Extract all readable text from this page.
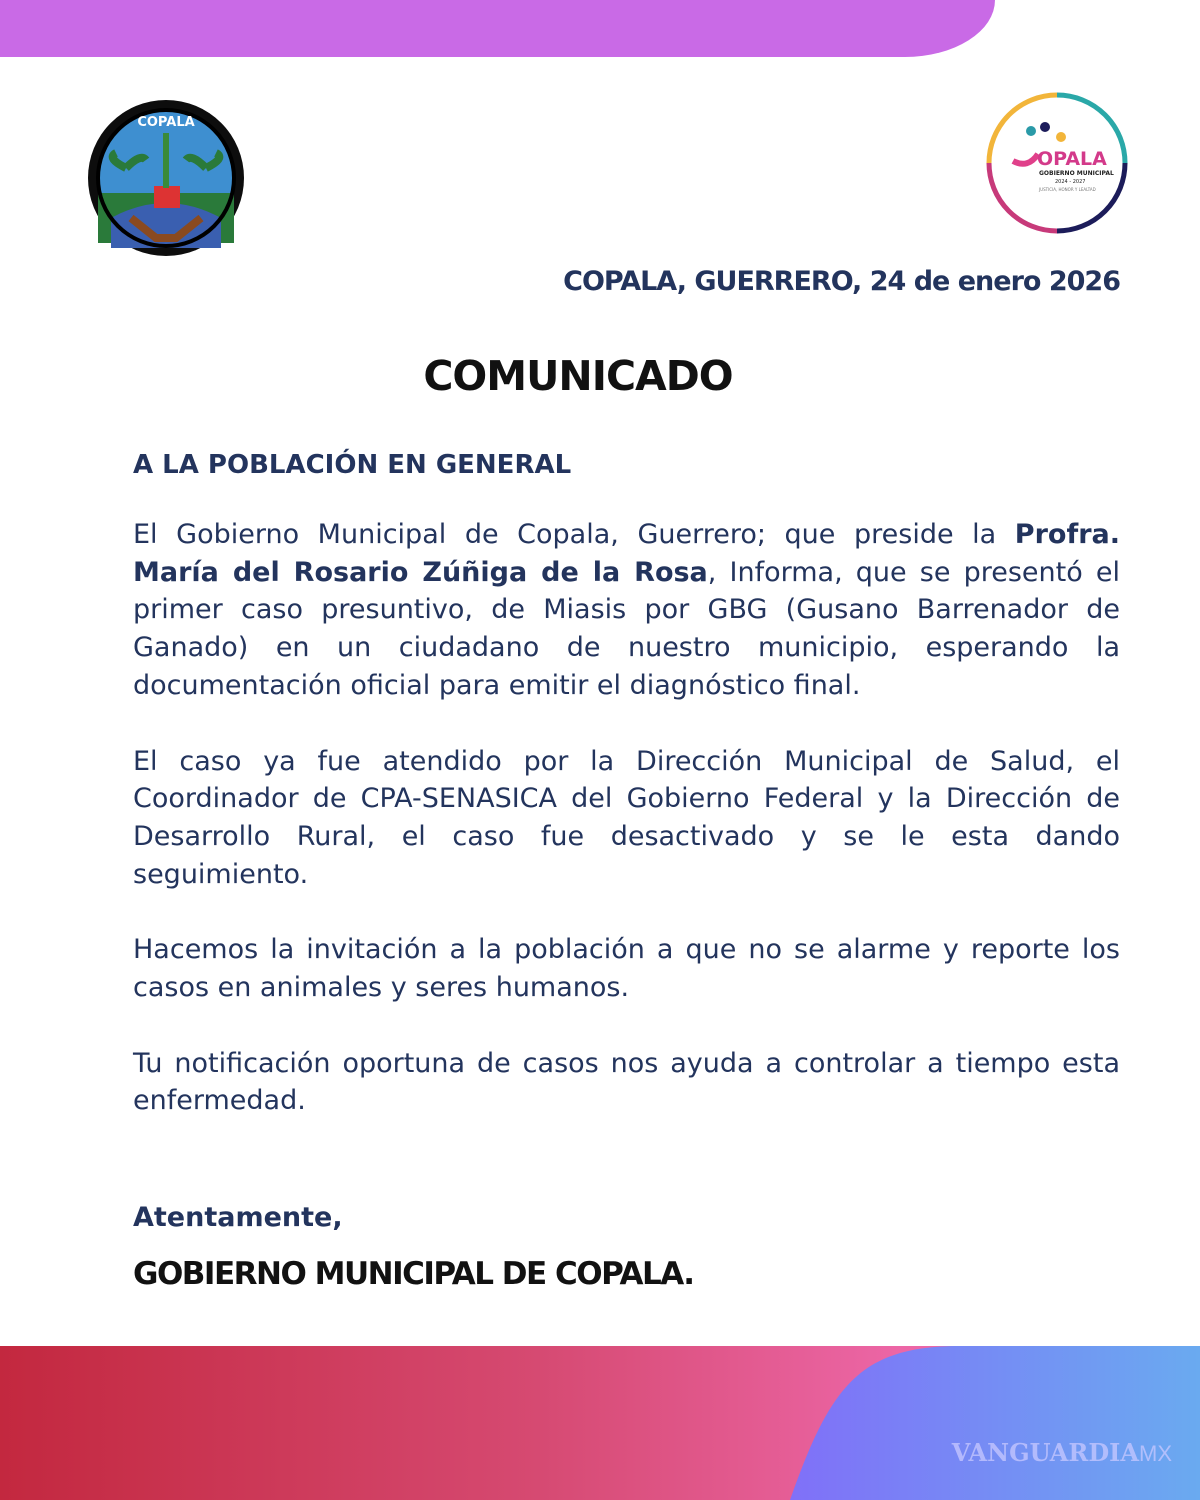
COPALA
OPALA
GOBIERNO MUNICIPAL
2024 - 2027
JUSTICIA, HONOR Y LEALTAD
COPALA, GUERRERO, 24 de enero 2026
COMUNICADO
A LA POBLACIÓN EN GENERAL

El Gobierno Municipal de Copala, Guerrero; que preside la Profra. María del Rosario Zúñiga de la Rosa, Informa, que se presentó el primer caso presuntivo, de Miasis por GBG (Gusano Barrenador de Ganado) en un ciudadano de nuestro municipio, esperando la documentación oficial para emitir el diagnóstico final.

El caso ya fue atendido por la Dirección Municipal de Salud, el Coordinador de CPA-SENASICA del Gobierno Federal y la Dirección de Desarrollo Rural, el caso fue desactivado y se le esta dando seguimiento.

Hacemos la invitación a la población a que no se alarme y reporte los casos en animales y seres humanos.

Tu notificación oportuna de casos nos ayuda a controlar a tiempo esta enfermedad.

Atentamente,
GOBIERNO MUNICIPAL DE COPALA.
VANGUARDIAMX
